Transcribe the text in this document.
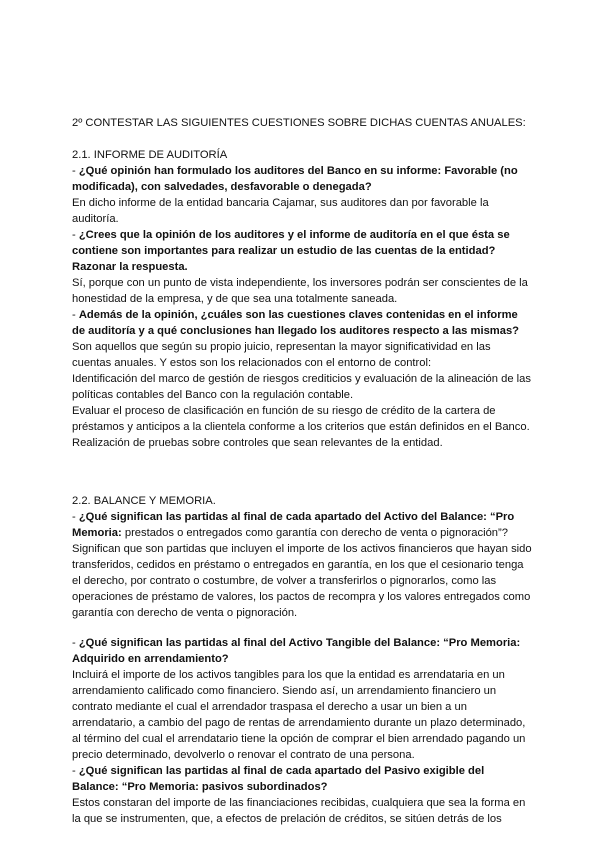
2º CONTESTAR LAS SIGUIENTES CUESTIONES SOBRE DICHAS CUENTAS ANUALES:

2.1. INFORME DE AUDITORÍA

- ¿Qué opinión han formulado los auditores del Banco en su informe: Favorable (no modificada), con salvedades, desfavorable o denegada?

En dicho informe de la entidad bancaria Cajamar, sus auditores dan por favorable la auditoría.

- ¿Crees que la opinión de los auditores y el informe de auditoría en el que ésta se contiene son importantes para realizar un estudio de las cuentas de la entidad? Razonar la respuesta.

Sí, porque con un punto de vista independiente, los inversores podrán ser conscientes de la honestidad de la empresa, y de que sea una totalmente saneada.

- Además de la opinión, ¿cuáles son las cuestiones claves contenidas en el informe de auditoría y a qué conclusiones han llegado los auditores respecto a las mismas?

Son aquellos que según su propio juicio, representan la mayor significatividad en las cuentas anuales. Y estos son los relacionados con el entorno de control:

Identificación del marco de gestión de riesgos crediticios y evaluación de la alineación de las políticas contables del Banco con la regulación contable.

Evaluar el proceso de clasificación en función de su riesgo de crédito de la cartera de préstamos y anticipos a la clientela conforme a los criterios que están definidos en el Banco.

Realización de pruebas sobre controles que sean relevantes de la entidad.

2.2. BALANCE Y MEMORIA.

- ¿Qué significan las partidas al final de cada apartado del Activo del Balance: “Pro Memoria: prestados o entregados como garantía con derecho de venta o pignoración”?

Significan que son partidas que incluyen el importe de los activos financieros que hayan sido transferidos, cedidos en préstamo o entregados en garantía, en los que el cesionario tenga el derecho, por contrato o costumbre, de volver a transferirlos o pignorarlos, como las operaciones de préstamo de valores, los pactos de recompra y los valores entregados como garantía con derecho de venta o pignoración.

- ¿Qué significan las partidas al final del Activo Tangible del Balance: “Pro Memoria: Adquirido en arrendamiento?

Incluirá el importe de los activos tangibles para los que la entidad es arrendataria en un arrendamiento calificado como financiero. Siendo así, un arrendamiento financiero un contrato mediante el cual el arrendador traspasa el derecho a usar un bien a un arrendatario, a cambio del pago de rentas de arrendamiento durante un plazo determinado, al término del cual el arrendatario tiene la opción de comprar el bien arrendado pagando un precio determinado, devolverlo o renovar el contrato de una persona.

- ¿Qué significan las partidas al final de cada apartado del Pasivo exigible del Balance: “Pro Memoria: pasivos subordinados?

Estos constaran del importe de las financiaciones recibidas, cualquiera que sea la forma en la que se instrumenten, que, a efectos de prelación de créditos, se sitúen detrás de los
